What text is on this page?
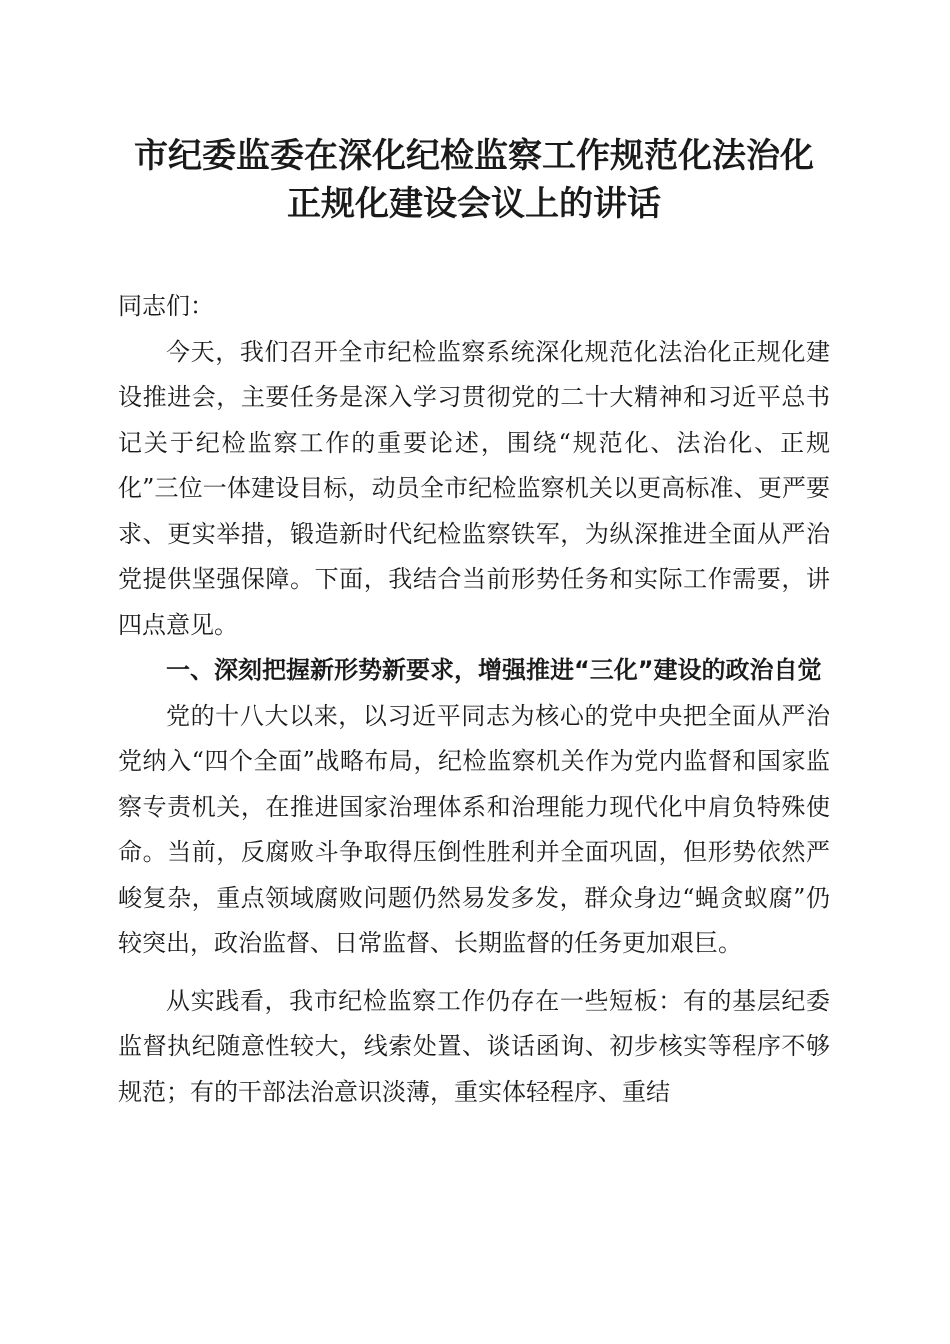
市纪委监委在深化纪检监察工作规范化法治化
正规化建设会议上的讲话

同志们：

今天，我们召开全市纪检监察系统深化规范化法治化正规化建设推进会，主要任务是深入学习贯彻党的二十大精神和习近平总书记关于纪检监察工作的重要论述，围绕“规范化、法治化、正规化”三位一体建设目标，动员全市纪检监察机关以更高标准、更严要求、更实举措，锻造新时代纪检监察铁军，为纵深推进全面从严治党提供坚强保障。下面，我结合当前形势任务和实际工作需要，讲四点意见。

一、深刻把握新形势新要求，增强推进“三化”建设的政治自觉

党的十八大以来，以习近平同志为核心的党中央把全面从严治党纳入“四个全面”战略布局，纪检监察机关作为党内监督和国家监察专责机关，在推进国家治理体系和治理能力现代化中肩负特殊使命。当前，反腐败斗争取得压倒性胜利并全面巩固，但形势依然严峻复杂，重点领域腐败问题仍然易发多发，群众身边“蝇贪蚁腐”仍较突出，政治监督、日常监督、长期监督的任务更加艰巨。

从实践看，我市纪检监察工作仍存在一些短板：有的基层纪委监督执纪随意性较大，线索处置、谈话函询、初步核实等程序不够规范；有的干部法治意识淡薄，重实体轻程序、重结
